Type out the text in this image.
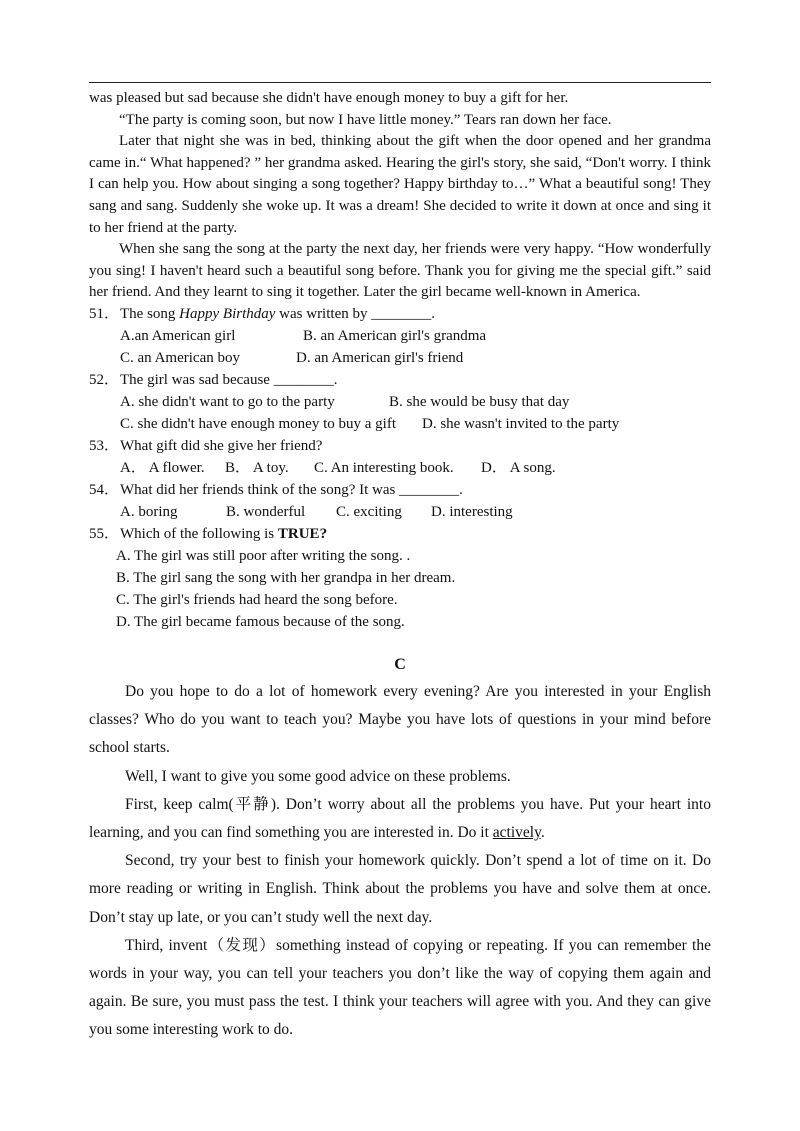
was pleased but sad because she didn't have enough money to buy a gift for her.

“The party is coming soon, but now I have little money.” Tears ran down her face.

Later that night she was in bed, thinking about the gift when the door opened and her grandma came in.“ What happened? ” her grandma asked. Hearing the girl's story, she said, “Don't worry. I think I can help you. How about singing a song together? Happy birthday to…” What a beautiful song! They sang and sang. Suddenly she woke up. It was a dream! She decided to write it down at once and sing it to her friend at the party.

When she sang the song at the party the next day, her friends were very happy. “How wonderfully you sing! I haven't heard such a beautiful song before. Thank you for giving me the special gift.” said her friend. And they learnt to sing it together. Later the girl became well-known in America.

51．The song Happy Birthday was written by ________.
A.an American girl	B. an American girl's grandma
C. an American boy	D. an American girl's friend
52．The girl was sad because ________.
A. she didn't want to go to the party	B. she would be busy that day
C. she didn't have enough money to buy a gift D. she wasn't invited to the party
53．What gift did she give her friend?
A． A flower. B． A toy. C. An interesting book. D． A song.
54．What did her friends think of the song? It was ________.
A. boring	B. wonderful C. exciting D. interesting
55．Which of the following is TRUE?
A. The girl was still poor after writing the song. .
B. The girl sang the song with her grandpa in her dream.
C. The girl's friends had heard the song before.
D. The girl became famous because of the song.
C

Do you hope to do a lot of homework every evening? Are you interested in your English classes? Who do you want to teach you? Maybe you have lots of questions in your mind before school starts.

Well, I want to give you some good advice on these problems.

First, keep calm(平静). Don’t worry about all the problems you have. Put your heart into learning, and you can find something you are interested in. Do it actively.

Second, try your best to finish your homework quickly. Don’t spend a lot of time on it. Do more reading or writing in English. Think about the problems you have and solve them at once. Don’t stay up late, or you can’t study well the next day.

Third, invent（发现）something instead of copying or repeating. If you can remember the words in your way, you can tell your teachers you don’t like the way of copying them again and again. Be sure, you must pass the test. I think your teachers will agree with you. And they can give you some interesting work to do.
